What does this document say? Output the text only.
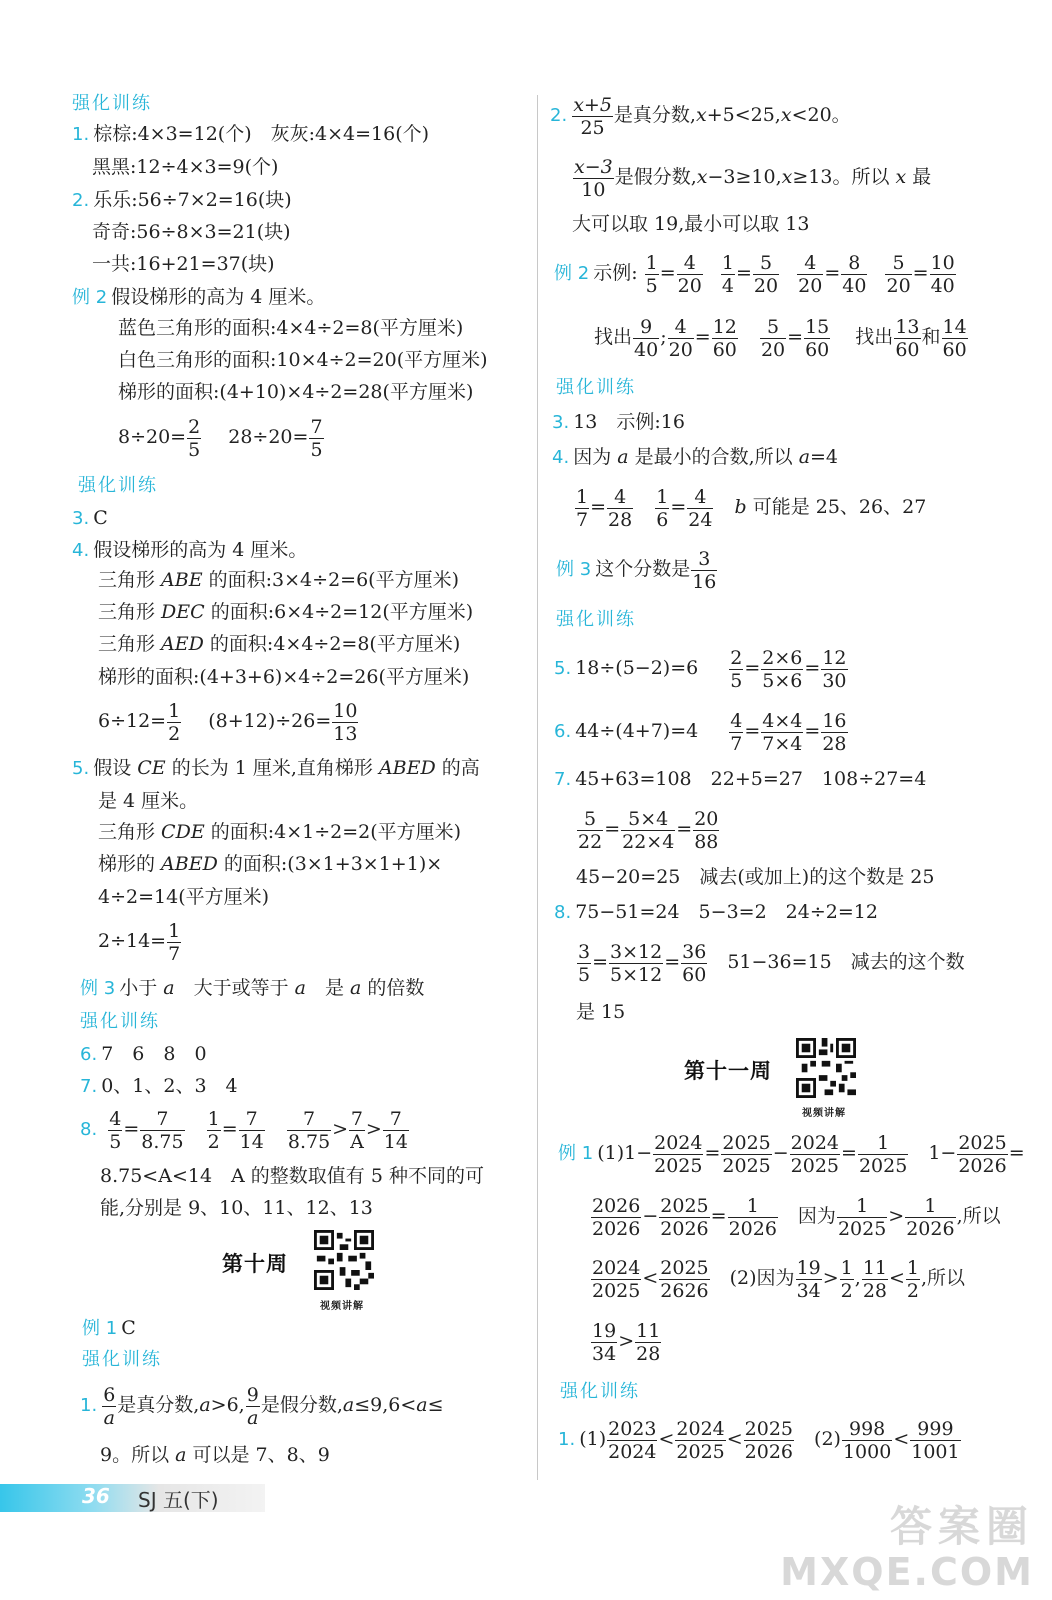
强化训练
1. 棕棕:4×3=12(个)　灰灰:4×4=16(个)
黑黑:12÷4×3=9(个)
2. 乐乐:56÷7×2=16(块)
奇奇:56÷8×3=21(块)
一共:16+21=37(块)
例 2 假设梯形的高为 4 厘米。
蓝色三角形的面积:4×4÷2=8(平方厘米)
白色三角形的面积:10×4÷2=20(平方厘米)
梯形的面积:(4+10)×4÷2=28(平方厘米)
$8\div 20= \frac{2}{5} 28\div 20= \frac{7}{5}$
强化训练
3. C
4. 假设梯形的高为 4 厘米。
三角形 ABE 的面积:3×4÷2=6(平方厘米)
三角形 DEC 的面积:6×4÷2=12(平方厘米)
三角形 AED 的面积:4×4÷2=8(平方厘米)
梯形的面积:(4+3+6)×4÷2=26(平方厘米)
$6\div 12= \frac{1}{2} (8+12)\div 26= \frac{10}{13}$
5. 假设 CE 的长为 1 厘米,直角梯形 ABED 的高
是 4 厘米。
三角形 CDE 的面积:4×1÷2=2(平方厘米)
梯形的 ABED 的面积:(3×1+3×1+1)×
4÷2=14(平方厘米)
$2\div 14= \frac{1}{7}$
例 3 小于 a　大于或等于 a　是 a 的倍数
强化训练
6. 7　6　8　0
7. 0、1、2、3　4
8. $\frac{4}{5} = \frac{7}{8.75}$
$\frac{1}{2} = \frac{7}{14}$
$\frac{7}{8.75} > \frac{7}{A} > \frac{7}{14}$
8.75<A<14　A 的整数取值有 5 种不同的可
能,分别是 9、10、11、12、13
第十周
视频讲解
例 1 C
强化训练
1. $\frac{6}{a}$ 是真分数,a>6, $\frac{9}{a}$ 是假分数,a≤9,6<a≤
9。所以 a 可以是 7、8、9
2. $\frac{x+5}{25}$ 是真分数,x+5<25,x<20。
$\frac{x-3}{10}$ 是假分数,x−3≥10,x≥13。所以 x 最
大可以取 19,最小可以取 13
例 2 示例: $\frac{1}{5} = \frac{4}{20}$
$\frac{1}{4} = \frac{5}{20}$
$\frac{4}{20} = \frac{8}{40}$
$\frac{5}{20} = \frac{10}{40}$
找出 $\frac{9}{40}$ ; $\frac{4}{20} = \frac{12}{60}$
$\frac{5}{20} = \frac{15}{60}$ 找出 $\frac{13}{60}$ 和 $\frac{14}{60}$
强化训练
3. 13　示例:16
4. 因为 a 是最小的合数,所以 a=4
$\frac{1}{7} = \frac{4}{28}$
$\frac{1}{6} = \frac{4}{24}$ b 可能是 25、26、27
例 3 这个分数是 $\frac{3}{16}$
强化训练
5. $18\div(5-2)=6 \frac{2}{5} = \frac{2\times 6}{5\times 6} = \frac{12}{30}$
6. $44\div(4+7)=4 \frac{4}{7} = \frac{4\times 4}{7\times 4} = \frac{16}{28}$
7. 45+63=108　22+5=27　108÷27=4
$\frac{5}{22} = \frac{5\times 4}{22\times 4} = \frac{20}{88}$
45−20=25　减去(或加上)的这个数是 25
8. 75−51=24　5−3=2　24÷2=12
$\frac{3}{5} = \frac{3\times 12}{5\times 12} = \frac{36}{60}$ 　51−36=15　减去的这个数
是 15
第十一周
视频讲解
例 1 $(1)1- \frac{2024}{2025} = \frac{2025}{2025} - \frac{2024}{2025} = \frac{1}{2025}$ 　$1- \frac{2025}{2026}$ =
$\frac{2026}{2026} - \frac{2025}{2026} = \frac{1}{2026}$ 　因为 $\frac{1}{2025} > \frac{1}{2026}$ ,所以
$\frac{2024}{2025} < \frac{2025}{2626}$ 　(2)因为 $\frac{19}{34} > \frac{1}{2}$ , $\frac{11}{28} < \frac{1}{2}$ ,所以
$\frac{19}{34} > \frac{11}{28}$
强化训练
1. $(1) \frac{2023}{2024} < \frac{2024}{2025} < \frac{2025}{2026}$ 　$(2) \frac{998}{1000} < \frac{999}{1001}$
36 SJ 五(下)
答案圈
MXQE.COM
